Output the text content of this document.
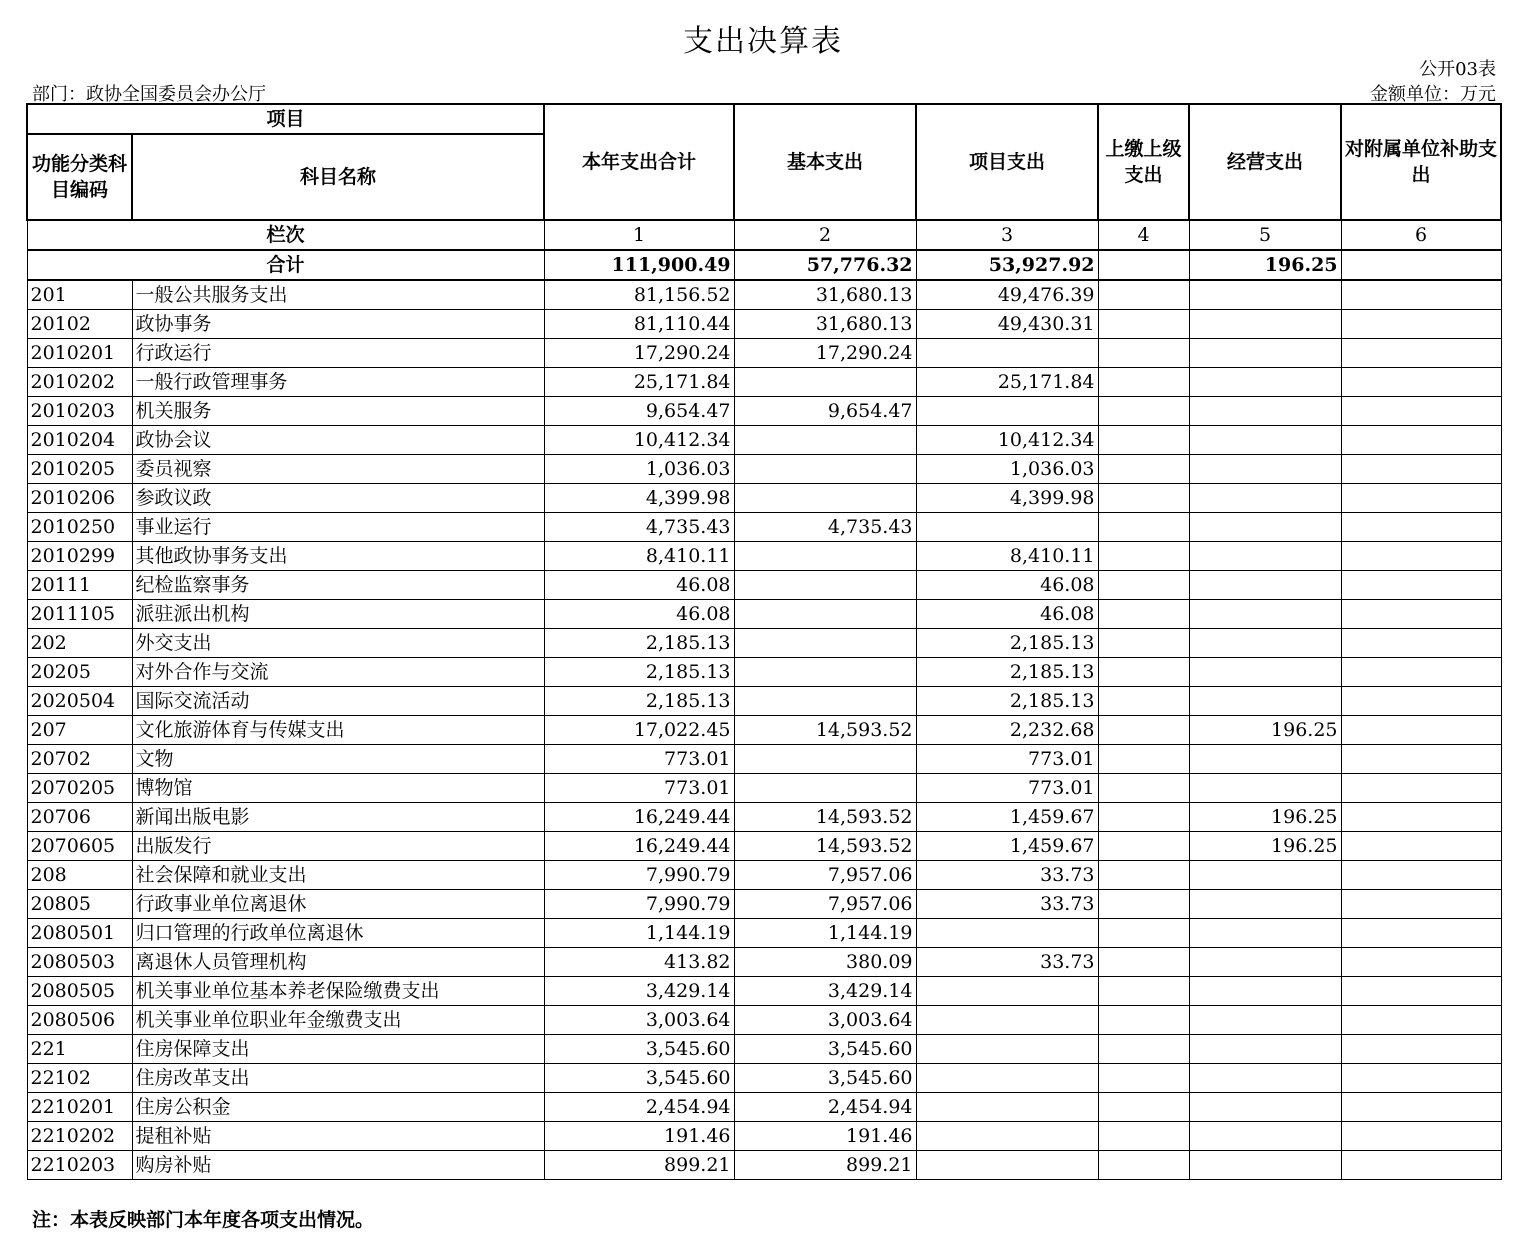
支出决算表
公开03表
部门：政协全国委员会办公厅	金额单位：万元
项目		本年支出合计	基本支出	项目支出	上缴上级支出	经营支出	对附属单位补助支出
功能分类科目编码	科目名称						
栏次		1	2	3	4	5	6
合计		111,900.49	57,776.32	53,927.92		196.25	
201	一般公共服务支出	81,156.52	31,680.13	49,476.39			
20102	政协事务	81,110.44	31,680.13	49,430.31			
2010201	行政运行	17,290.24	17,290.24				
2010202	一般行政管理事务	25,171.84		25,171.84			
2010203	机关服务	9,654.47	9,654.47				
2010204	政协会议	10,412.34		10,412.34			
2010205	委员视察	1,036.03		1,036.03			
2010206	参政议政	4,399.98		4,399.98			
2010250	事业运行	4,735.43	4,735.43				
2010299	其他政协事务支出	8,410.11		8,410.11			
20111	纪检监察事务	46.08		46.08			
2011105	派驻派出机构	46.08		46.08			
202	外交支出	2,185.13		2,185.13			
20205	对外合作与交流	2,185.13		2,185.13			
2020504	国际交流活动	2,185.13		2,185.13			
207	文化旅游体育与传媒支出	17,022.45	14,593.52	2,232.68		196.25	
20702	文物	773.01		773.01			
2070205	博物馆	773.01		773.01			
20706	新闻出版电影	16,249.44	14,593.52	1,459.67		196.25	
2070605	出版发行	16,249.44	14,593.52	1,459.67		196.25	
208	社会保障和就业支出	7,990.79	7,957.06	33.73			
20805	行政事业单位离退休	7,990.79	7,957.06	33.73			
2080501	归口管理的行政单位离退休	1,144.19	1,144.19				
2080503	离退休人员管理机构	413.82	380.09	33.73			
2080505	机关事业单位基本养老保险缴费支出	3,429.14	3,429.14				
2080506	机关事业单位职业年金缴费支出	3,003.64	3,003.64				
221	住房保障支出	3,545.60	3,545.60				
22102	住房改革支出	3,545.60	3,545.60				
2210201	住房公积金	2,454.94	2,454.94				
2210202	提租补贴	191.46	191.46				
2210203	购房补贴	899.21	899.21				
注：本表反映部门本年度各项支出情况。
